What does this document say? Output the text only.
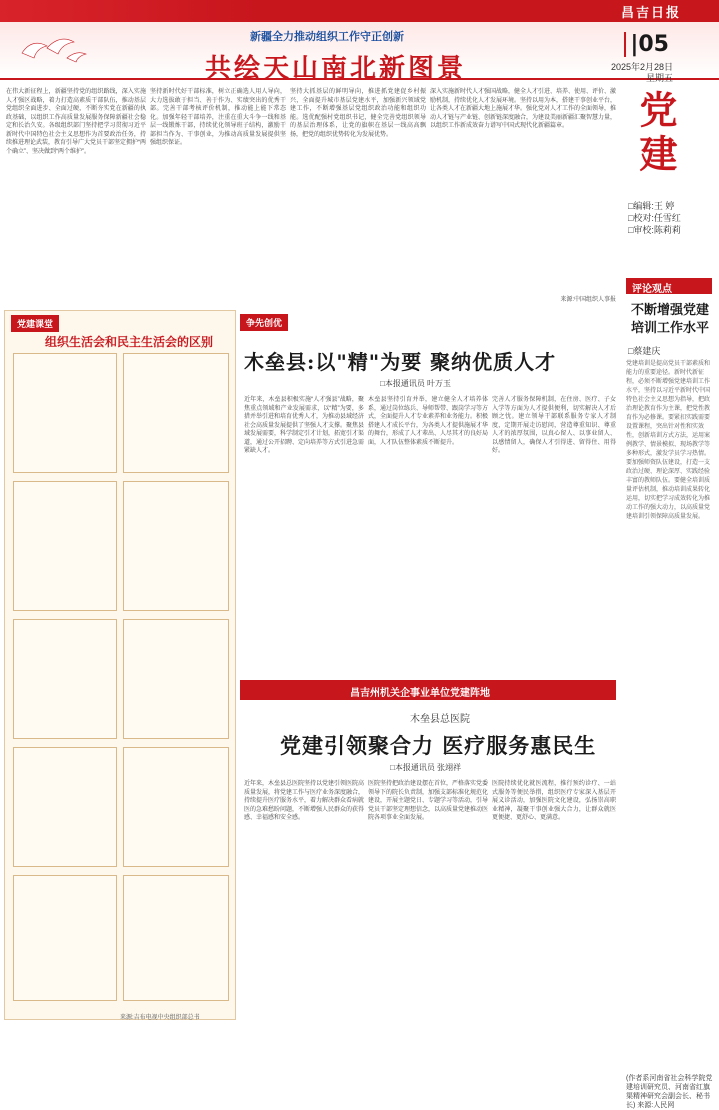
昌吉日报
新疆全力推动组织工作守正创新
共绘天山南北新图景
|05
2025年2月28日
星期五
在伟大新征程上，新疆坚持党的组织路线，深入实施人才强区战略，着力打造高素质干部队伍，推动基层党组织全面进步、全面过硬，不断夯实党在新疆的执政基础，以组织工作高质量发展服务保障新疆社会稳定和长治久安。各级组织部门坚持把学习贯彻习近平新时代中国特色社会主义思想作为首要政治任务，持续推进理论武装，教育引导广大党员干部坚定拥护“两个确立”、坚决做到“两个维护”。
坚持新时代好干部标准，树立正确选人用人导向，大力选拔敢于担当、善于作为、实绩突出的优秀干部。完善干部考核评价机制，推动能上能下常态化。加强年轻干部培养，注重在重大斗争一线和基层一线锻炼干部，持续优化领导班子结构，激励干部担当作为、干事创业，为推动高质量发展提供坚强组织保证。
坚持大抓基层的鲜明导向，推进抓党建促乡村振兴，全面提升城市基层党建水平，加强新兴领域党建工作，不断增强基层党组织政治功能和组织功能。选优配强村党组织书记，健全完善党组织领导的基层治理体系，让党的旗帜在基层一线高高飘扬，把党的组织优势转化为发展优势。
深入实施新时代人才强国战略，健全人才引进、培养、使用、评价、激励机制，持续优化人才发展环境。坚持以用为本，搭建干事创业平台，让各类人才在新疆大地上施展才华。强化党对人才工作的全面领导，推动人才链与产业链、创新链深度融合，为建设美丽新疆汇聚智慧力量，以组织工作新成效奋力谱写中国式现代化新疆篇章。
来源:中国组织人事报
党建
□编辑:王 婷
□校对:任雪红
□审校:陈莉莉
评论观点
不断增强党建培训工作水平
□蔡建庆
党建培训是提高党员干部素质和能力的重要途径。新时代新征程，必须不断增强党建培训工作水平，坚持以习近平新时代中国特色社会主义思想为指导，把政治理论教育作为主课，把党性教育作为必修课。要紧扣实践需要设置课程，突出针对性和实效性，创新培训方式方法，运用案例教学、情景模拟、现场教学等多种形式，激发学员学习热情。要加强师资队伍建设，打造一支政治过硬、理论深厚、实践经验丰富的教师队伍。要健全培训质量评估机制，推动培训成果转化运用，切实把学习成效转化为推动工作的强大动力，以高质量党建培训引领保障高质量发展。
(作者系河南省社会科学院党建培训研究员、河南省红旗渠精神研究会副会长、秘书长) 来源:人民网
党建课堂
组织生活会和民主生活会的区别
争先创优
木垒县:以"精"为要 聚纳优质人才
□本报通讯员 叶万玉
近年来，木垒县积极实施“人才强县”战略，聚焦重点领域和产业发展需求，以“精”为要，多措并举引进和培育优秀人才，为推动县域经济社会高质量发展提供了坚强人才支撑。聚焦县域发展需要，科学制定引才计划，拓宽引才渠道，通过公开招聘、定向培养等方式引进急需紧缺人才。
木垒县坚持引育并举，建立健全人才培养体系，通过岗位练兵、导师帮带、跟岗学习等方式，全面提升人才专业素养和业务能力。积极搭建人才成长平台，为各类人才提供施展才华的舞台，形成了人才辈出、人尽其才的良好局面，人才队伍整体素质不断提升。
完善人才服务保障机制，在住房、医疗、子女入学等方面为人才提供便利，切实解决人才后顾之忧。建立领导干部联系服务专家人才制度，定期开展走访慰问，营造尊重知识、尊重人才的浓厚氛围，以真心留人、以事业留人、以感情留人，确保人才引得进、留得住、用得好。
昌吉州机关企事业单位党建阵地
木垒县总医院
党建引领聚合力 医疗服务惠民生
□本报通讯员 张翊祥
近年来，木垒县总医院坚持以党建引领医院高质量发展，将党建工作与医疗业务深度融合，持续提升医疗服务水平，着力解决群众看病就医的急难愁盼问题，不断增强人民群众的获得感、幸福感和安全感。
医院坚持把政治建设摆在首位，严格落实党委领导下的院长负责制，加强支部标准化规范化建设，开展主题党日、专题学习等活动，引导党员干部坚定理想信念，以高质量党建推动医院各项事业全面发展。
医院持续优化就医流程，推行预约诊疗、一站式服务等便民举措，组织医疗专家深入基层开展义诊活动，加强医院文化建设，弘扬崇高职业精神，凝聚干事创业强大合力，让群众就医更便捷、更舒心、更满意。
来源:吉布电视中央组织部总书
